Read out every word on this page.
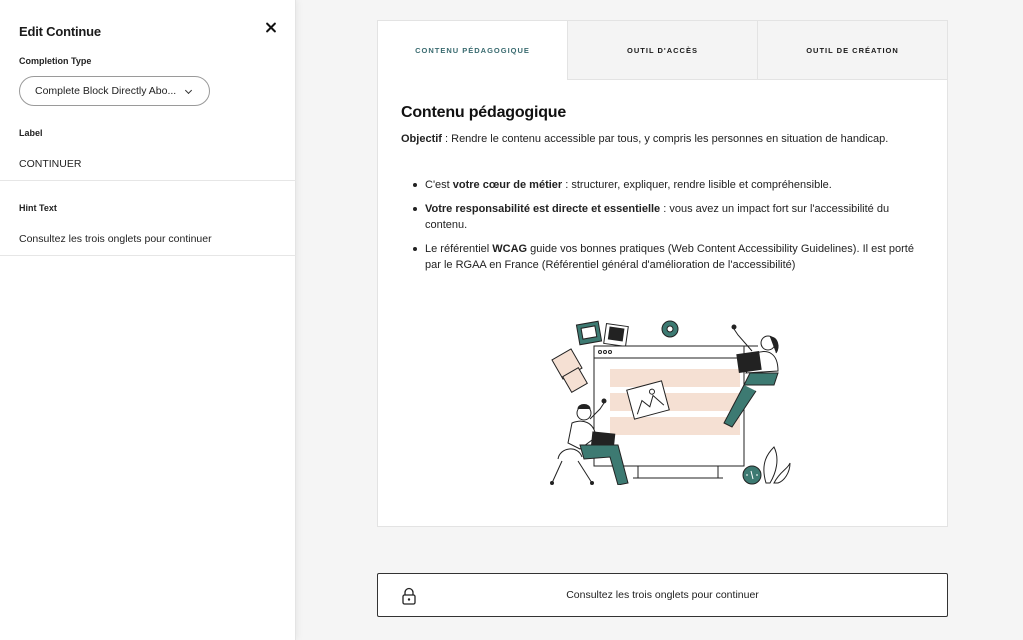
Edit Continue
Completion Type
Complete Block Directly Abo...
Label
CONTINUER
Hint Text
Consultez les trois onglets pour continuer
CONTENU PÉDAGOGIQUE	OUTIL D'ACCÈS	OUTIL DE CRÉATION
Contenu pédagogique

Objectif : Rendre le contenu accessible par tous, y compris les personnes en situation de handicap.

C'est votre cœur de métier : structurer, expliquer, rendre lisible et compréhensible.
Votre responsabilité est directe et essentielle : vous avez un impact fort sur l'accessibilité du contenu.
Le référentiel WCAG guide vos bonnes pratiques (Web Content Accessibility Guidelines). Il est porté par le RGAA en France (Référentiel général d'amélioration de l'accessibilité)
Consultez les trois onglets pour continuer
